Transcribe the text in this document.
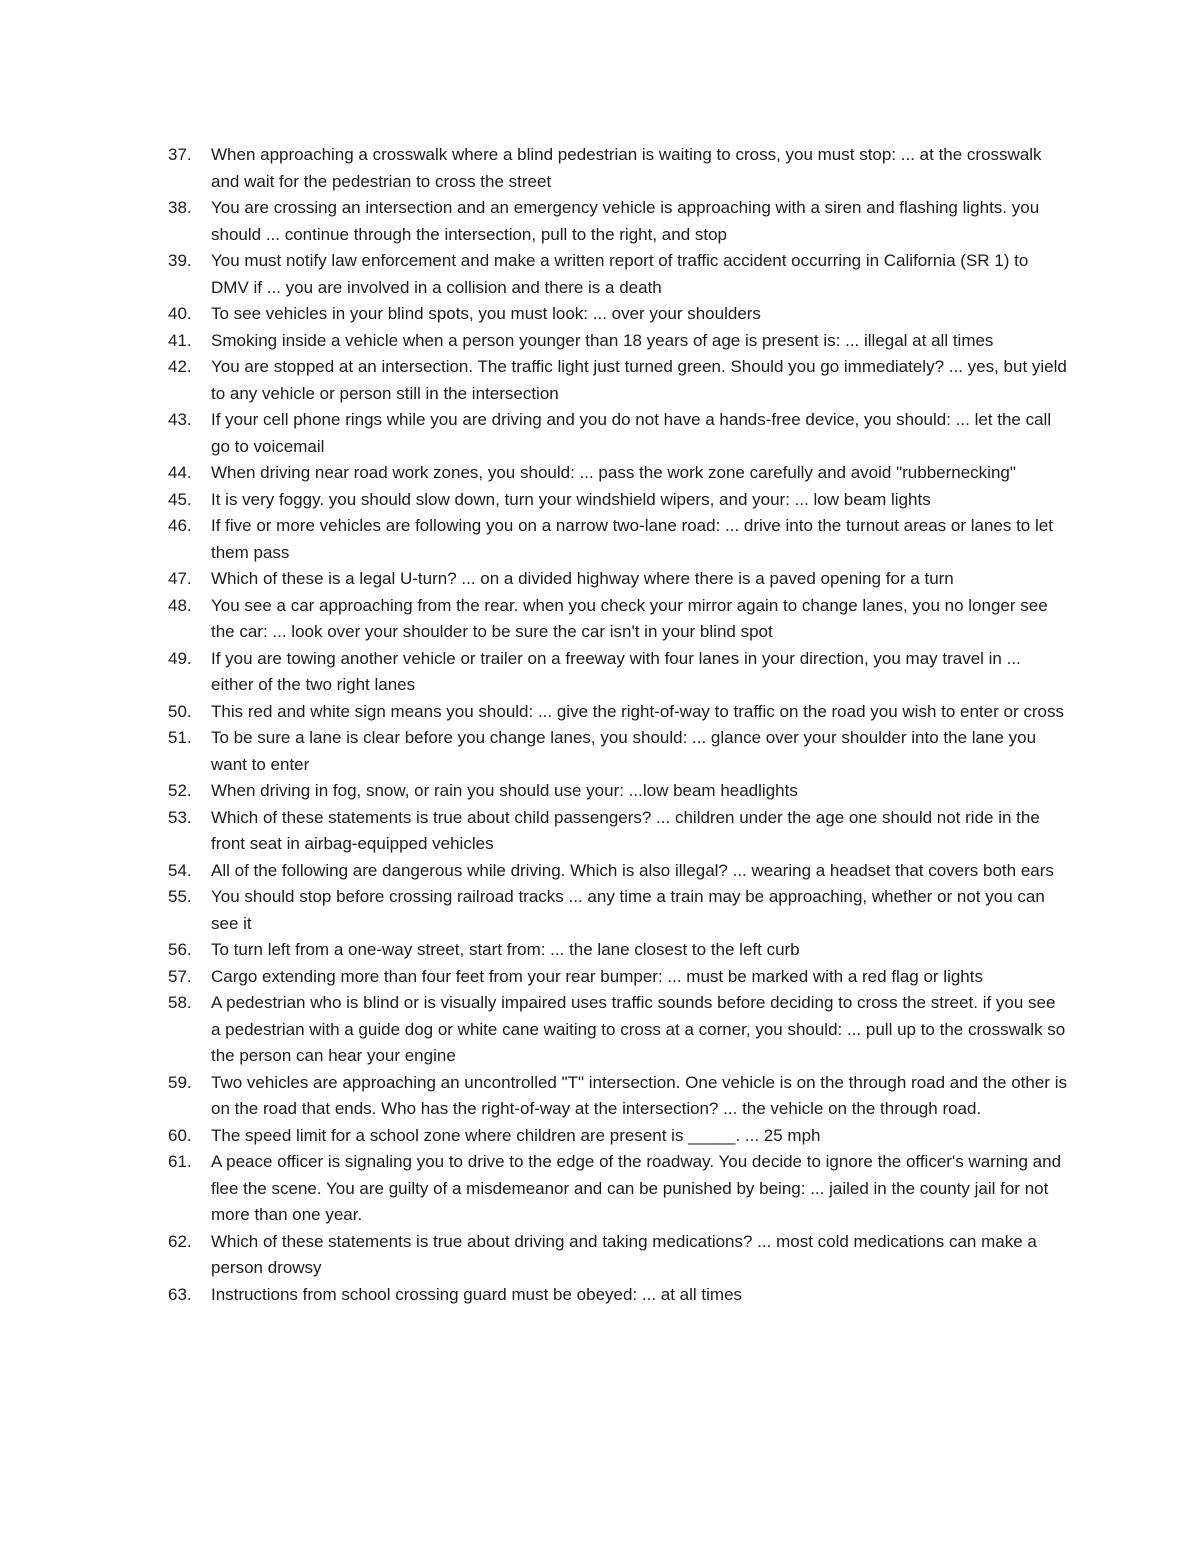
37.	When approaching a crosswalk where a blind pedestrian is waiting to cross, you must stop: ... at the crosswalk and wait for the pedestrian to cross the street
38.	You are crossing an intersection and an emergency vehicle is approaching with a siren and flashing lights. you should ... continue through the intersection, pull to the right, and stop
39.	You must notify law enforcement and make a written report of traffic accident occurring in California (SR 1) to DMV if ... you are involved in a collision and there is a death
40.	To see vehicles in your blind spots, you must look: ... over your shoulders
41.	Smoking inside a vehicle when a person younger than 18 years of age is present is: ... illegal at all times
42.	You are stopped at an intersection. The traffic light just turned green. Should you go immediately? ... yes, but yield to any vehicle or person still in the intersection
43.	If your cell phone rings while you are driving and you do not have a hands-free device, you should: ... let the call go to voicemail
44.	When driving near road work zones, you should: ... pass the work zone carefully and avoid "rubbernecking"
45.	It is very foggy. you should slow down, turn your windshield wipers, and your: ... low beam lights
46.	If five or more vehicles are following you on a narrow two-lane road: ... drive into the turnout areas or lanes to let them pass
47.	Which of these is a legal U-turn? ... on a divided highway where there is a paved opening for a turn
48.	You see a car approaching from the rear. when you check your mirror again to change lanes, you no longer see the car: ... look over your shoulder to be sure the car isn't in your blind spot
49.	If you are towing another vehicle or trailer on a freeway with four lanes in your direction, you may travel in ... either of the two right lanes
50.	This red and white sign means you should: ... give the right-of-way to traffic on the road you wish to enter or cross
51.	To be sure a lane is clear before you change lanes, you should: ... glance over your shoulder into the lane you want to enter
52.	When driving in fog, snow, or rain you should use your: ...low beam headlights
53.	Which of these statements is true about child passengers? ... children under the age one should not ride in the front seat in airbag-equipped vehicles
54.	All of the following are dangerous while driving. Which is also illegal? ... wearing a headset that covers both ears
55.	You should stop before crossing railroad tracks ... any time a train may be approaching, whether or not you can see it
56.	To turn left from a one-way street, start from: ... the lane closest to the left curb
57.	Cargo extending more than four feet from your rear bumper: ... must be marked with a red flag or lights
58.	A pedestrian who is blind or is visually impaired uses traffic sounds before deciding to cross the street. if you see a pedestrian with a guide dog or white cane waiting to cross at a corner, you should: ... pull up to the crosswalk so the person can hear your engine
59.	Two vehicles are approaching an uncontrolled "T" intersection. One vehicle is on the through road and the other is on the road that ends. Who has the right-of-way at the intersection? ... the vehicle on the through road.
60.	The speed limit for a school zone where children are present is _____. ... 25 mph
61.	A peace officer is signaling you to drive to the edge of the roadway. You decide to ignore the officer's warning and flee the scene. You are guilty of a misdemeanor and can be punished by being: ... jailed in the county jail for not more than one year.
62.	Which of these statements is true about driving and taking medications? ... most cold medications can make a person drowsy
63.	Instructions from school crossing guard must be obeyed: ... at all times
